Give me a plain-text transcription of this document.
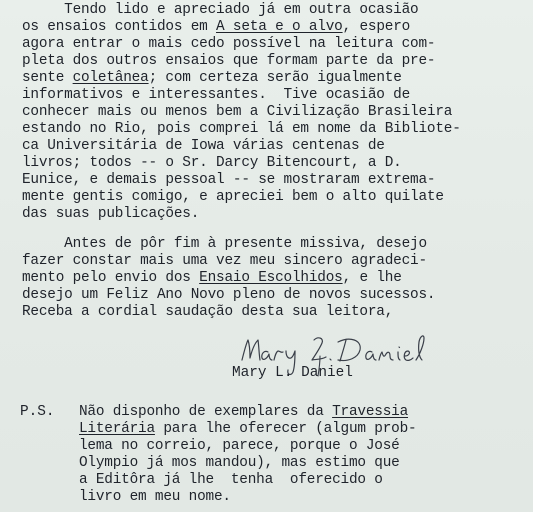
Tendo lido e apreciado já em outra ocasião
os ensaios contidos em A seta e o alvo, espero
agora entrar o mais cedo possível na leitura com-
pleta dos outros ensaios que formam parte da pre-
sente coletânea; com certeza serão igualmente
informativos e interessantes.  Tive ocasião de
conhecer mais ou menos bem a Civilização Brasileira
estando no Rio, pois comprei lá em nome da Bibliote-
ca Universitária de Iowa várias centenas de
livros; todos -- o Sr. Darcy Bitencourt, a D.
Eunice, e demais pessoal -- se mostraram extrema-
mente gentis comigo, e apreciei bem o alto quilate
das suas publicações.
Antes de pôr fim à presente missiva, desejo
fazer constar mais uma vez meu sincero agradeci-
mento pelo envio dos Ensaio Escolhidos, e lhe
desejo um Feliz Ano Novo pleno de novos sucessos.
Receba a cordial saudação desta sua leitora,
Mary L. Daniel
P.S. Não disponho de exemplares da Travessia
Literária para lhe oferecer (algum prob-
lema no correio, parece, porque o José
Olympio já mos mandou), mas estimo que
a Editôra já lhe  tenha  oferecido o
livro em meu nome.
